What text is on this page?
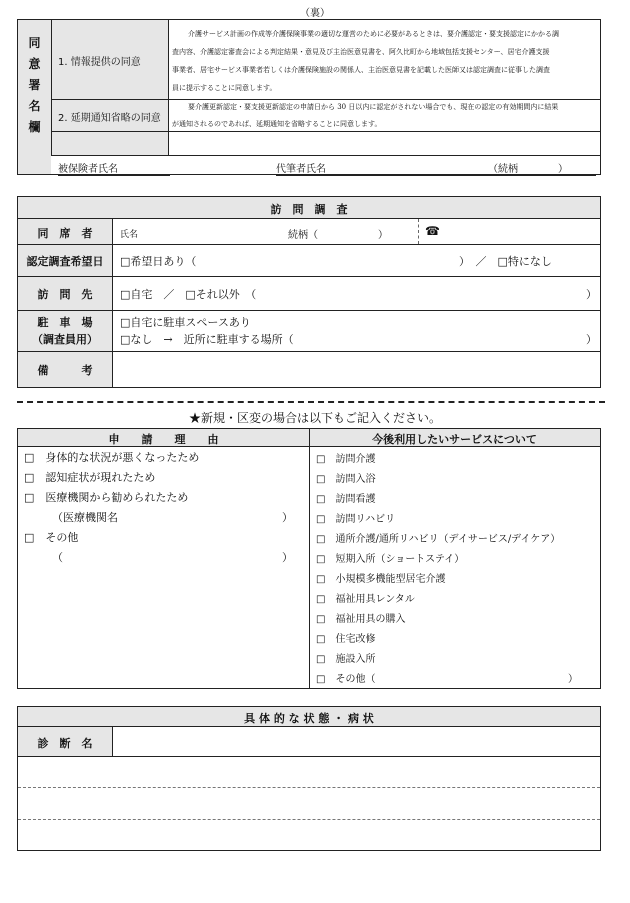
（裏）
同
意
署
名
欄
1. 情報提供の同意
介護サービス計画の作成等介護保険事業の適切な運営のために必要があるときは、要介護認定・要支援認定にかかる調
査内容、介護認定審査会による判定結果・意見及び主治医意見書を、阿久比町から地域包括支援センター、居宅介護支援
事業者、居宅サービス事業者若しくは介護保険施設の関係人、主治医意見書を記載した医師又は認定調査に従事した調査
員に提示することに同意します。
2. 延期通知省略の同意
要介護更新認定・要支援更新認定の申請日から 30 日以内に認定がされない場合でも、現在の認定の有効期間内に結果
が通知されるのであれば、延期通知を省略することに同意します。
被保険者氏名	代筆者氏名	（続柄　　　　）
訪　問　調　査
同　席　者	氏名	続柄（　　　　　　）	☎
認定調査希望日	□希望日あり（	）　／　□特になし
訪　問　先	□自宅　／　□それ以外　（	）
駐　車　場
（調査員用）
□自宅に駐車スペースあり
□なし　→　近所に駐車する場所（	）
備　　　考
★新規・区変の場合は以下もご記入ください。
申　　請　　理　　由	今後利用したいサービスについて
□　身体的な状況が悪くなったため
□　認知症状が現れたため
□　医療機関から勧められたため
（医療機関名	）
□　その他
（	）
□　訪問介護
□　訪問入浴
□　訪問看護
□　訪問リハビリ
□　通所介護/通所リハビリ（デイサービス/デイケア）
□　短期入所（ショートステイ）
□　小規模多機能型居宅介護
□　福祉用具レンタル
□　福祉用具の購入
□　住宅改修
□　施設入所
□　その他（	）
具 体 的 な 状 態 ・ 病 状
診　断　名
